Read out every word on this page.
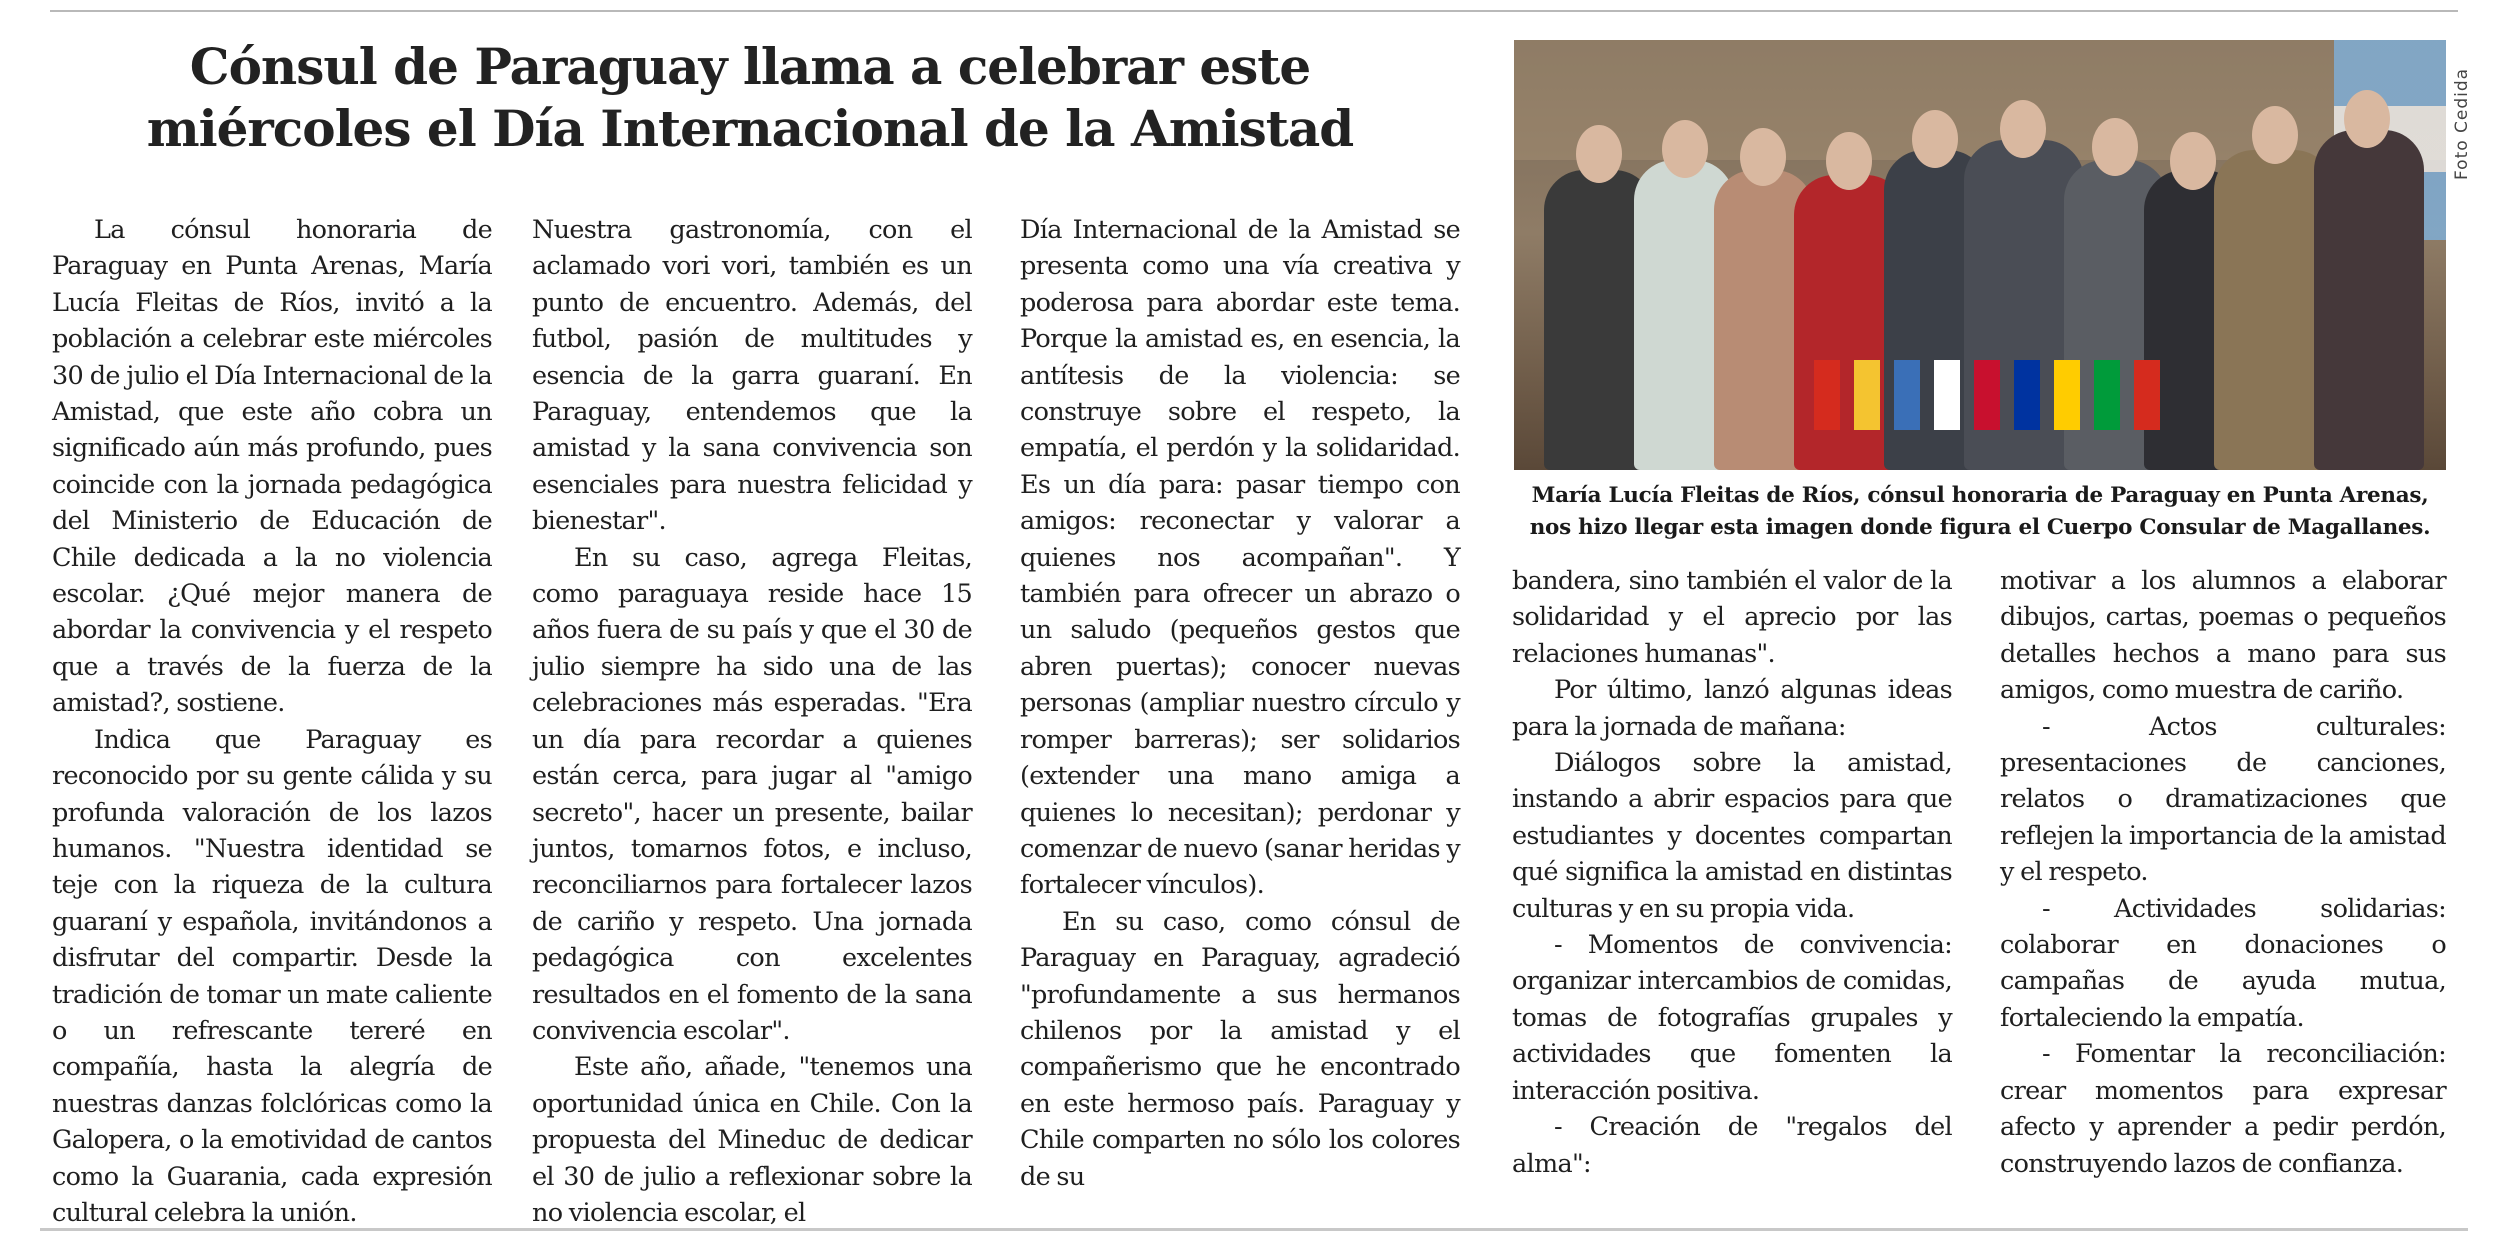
Cónsul de Paraguay llama a celebrar este
miércoles el Día Internacional de la Amistad	Foto Cedida

María Lucía Fleitas de Ríos, cónsul honoraria de Paraguay en Punta Arenas,
nos hizo llegar esta imagen donde figura el Cuerpo Consular de Magallanes.

La cónsul honoraria de Paraguay en Punta Arenas, María Lucía Fleitas de Ríos, invitó a la población a celebrar este miércoles 30 de julio el Día Internacional de la Amistad, que este año cobra un significado aún más profundo, pues coincide con la jornada pedagógica del Ministerio de Educación de Chile dedicada a la no violencia escolar. ¿Qué mejor manera de abordar la convivencia y el respeto que a través de la fuerza de la amistad?, sostiene.

Indica que Paraguay es reconocido por su gente cálida y su profunda valoración de los lazos humanos. "Nuestra identidad se teje con la riqueza de la cultura guaraní y española, invitándonos a disfrutar del compartir. Desde la tradición de tomar un mate caliente o un refrescante tereré en compañía, hasta la alegría de nuestras danzas folclóricas como la Galopera, o la emotividad de cantos como la Guarania, cada expresión cultural celebra la unión.

Nuestra gastronomía, con el aclamado vori vori, también es un punto de encuentro. Además, del futbol, pasión de multitudes y esencia de la garra guaraní. En Paraguay, entendemos que la amistad y la sana convivencia son esenciales para nuestra felicidad y bienestar".

En su caso, agrega Fleitas, como paraguaya reside hace 15 años fuera de su país y que el 30 de julio siempre ha sido una de las celebraciones más esperadas. "Era un día para recordar a quienes están cerca, para jugar al "amigo secreto", hacer un presente, bailar juntos, tomarnos fotos, e incluso, reconciliarnos para fortalecer lazos de cariño y respeto. Una jornada pedagógica con excelentes resultados en el fomento de la sana convivencia escolar".

Este año, añade, "tenemos una oportunidad única en Chile. Con la propuesta del Mineduc de dedicar el 30 de julio a reflexionar sobre la no violencia escolar, el

Día Internacional de la Amistad se presenta como una vía creativa y poderosa para abordar este tema. Porque la amistad es, en esencia, la antítesis de la violencia: se construye sobre el respeto, la empatía, el perdón y la solidaridad. Es un día para: pasar tiempo con amigos: reconectar y valorar a quienes nos acompañan". Y también para ofrecer un abrazo o un saludo (pequeños gestos que abren puertas); conocer nuevas personas (ampliar nuestro círculo y romper barreras); ser solidarios (extender una mano amiga a quienes lo necesitan); perdonar y comenzar de nuevo (sanar heridas y fortalecer vínculos).

En su caso, como cónsul de Paraguay en Paraguay, agradeció "profundamente a sus hermanos chilenos por la amistad y el compañerismo que he encontrado en este hermoso país. Paraguay y Chile comparten no sólo los colores de su

bandera, sino también el valor de la solidaridad y el aprecio por las relaciones humanas".

Por último, lanzó algunas ideas para la jornada de mañana:

Diálogos sobre la amistad, instando a abrir espacios para que estudiantes y docentes compartan qué significa la amistad en distintas culturas y en su propia vida.

- Momentos de convivencia: organizar intercambios de comidas, tomas de fotografías grupales y actividades que fomenten la interacción positiva.

- Creación de "regalos del alma":

motivar a los alumnos a elaborar dibujos, cartas, poemas o pequeños detalles hechos a mano para sus amigos, como muestra de cariño.

- Actos culturales: presentaciones de canciones, relatos o dramatizaciones que reflejen la importancia de la amistad y el respeto.

- Actividades solidarias: colaborar en donaciones o campañas de ayuda mutua, fortaleciendo la empatía.

- Fomentar la reconciliación: crear momentos para expresar afecto y aprender a pedir perdón, construyendo lazos de confianza.
